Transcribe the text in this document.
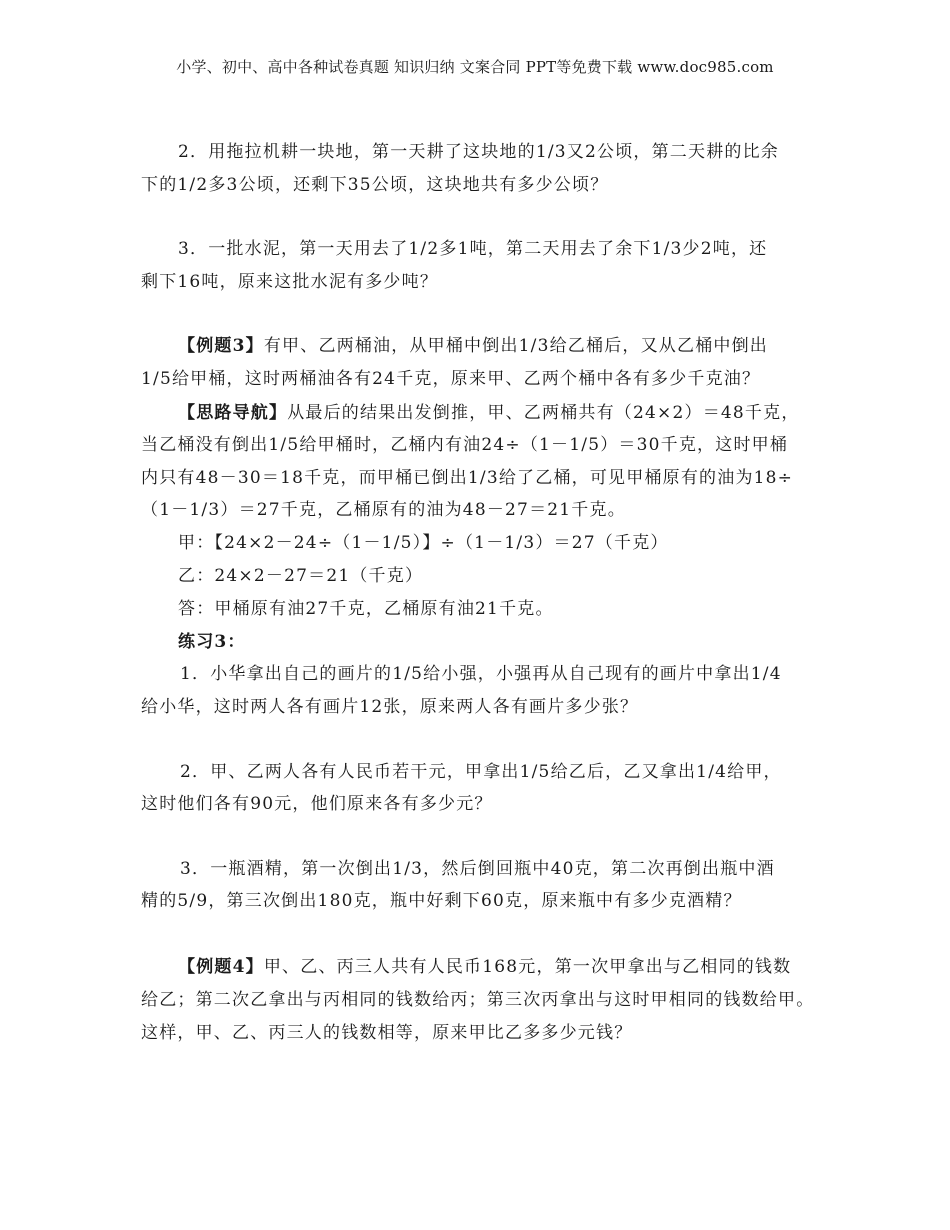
小学、初中、高中各种试卷真题 知识归纳 文案合同 PPT等免费下载 www.doc985.com
2．用拖拉机耕一块地，第一天耕了这块地的1/3又2公顷，第二天耕的比余
下的1/2多3公顷，还剩下35公顷，这块地共有多少公顷？
3．一批水泥，第一天用去了1/2多1吨，第二天用去了余下1/3少2吨，还
剩下16吨，原来这批水泥有多少吨？
【例题3】有甲、乙两桶油，从甲桶中倒出1/3给乙桶后，又从乙桶中倒出
1/5给甲桶，这时两桶油各有24千克，原来甲、乙两个桶中各有多少千克油？
【思路导航】从最后的结果出发倒推，甲、乙两桶共有（24×2）＝48千克，
当乙桶没有倒出1/5给甲桶时，乙桶内有油24÷（1－1/5）＝30千克，这时甲桶
内只有48－30＝18千克，而甲桶已倒出1/3给了乙桶，可见甲桶原有的油为18÷
（1－1/3）＝27千克，乙桶原有的油为48－27＝21千克。
甲：【24×2－24÷（1－1/5）】÷（1－1/3）＝27（千克）
乙：24×2－27＝21（千克）
答：甲桶原有油27千克，乙桶原有油21千克。
练习3：
1．小华拿出自己的画片的1/5给小强，小强再从自己现有的画片中拿出1/4
给小华，这时两人各有画片12张，原来两人各有画片多少张？
2．甲、乙两人各有人民币若干元，甲拿出1/5给乙后，乙又拿出1/4给甲，
这时他们各有90元，他们原来各有多少元？
3．一瓶酒精，第一次倒出1/3，然后倒回瓶中40克，第二次再倒出瓶中酒
精的5/9，第三次倒出180克，瓶中好剩下60克，原来瓶中有多少克酒精？
【例题4】甲、乙、丙三人共有人民币168元，第一次甲拿出与乙相同的钱数
给乙；第二次乙拿出与丙相同的钱数给丙；第三次丙拿出与这时甲相同的钱数给甲。
这样，甲、乙、丙三人的钱数相等，原来甲比乙多多少元钱？
